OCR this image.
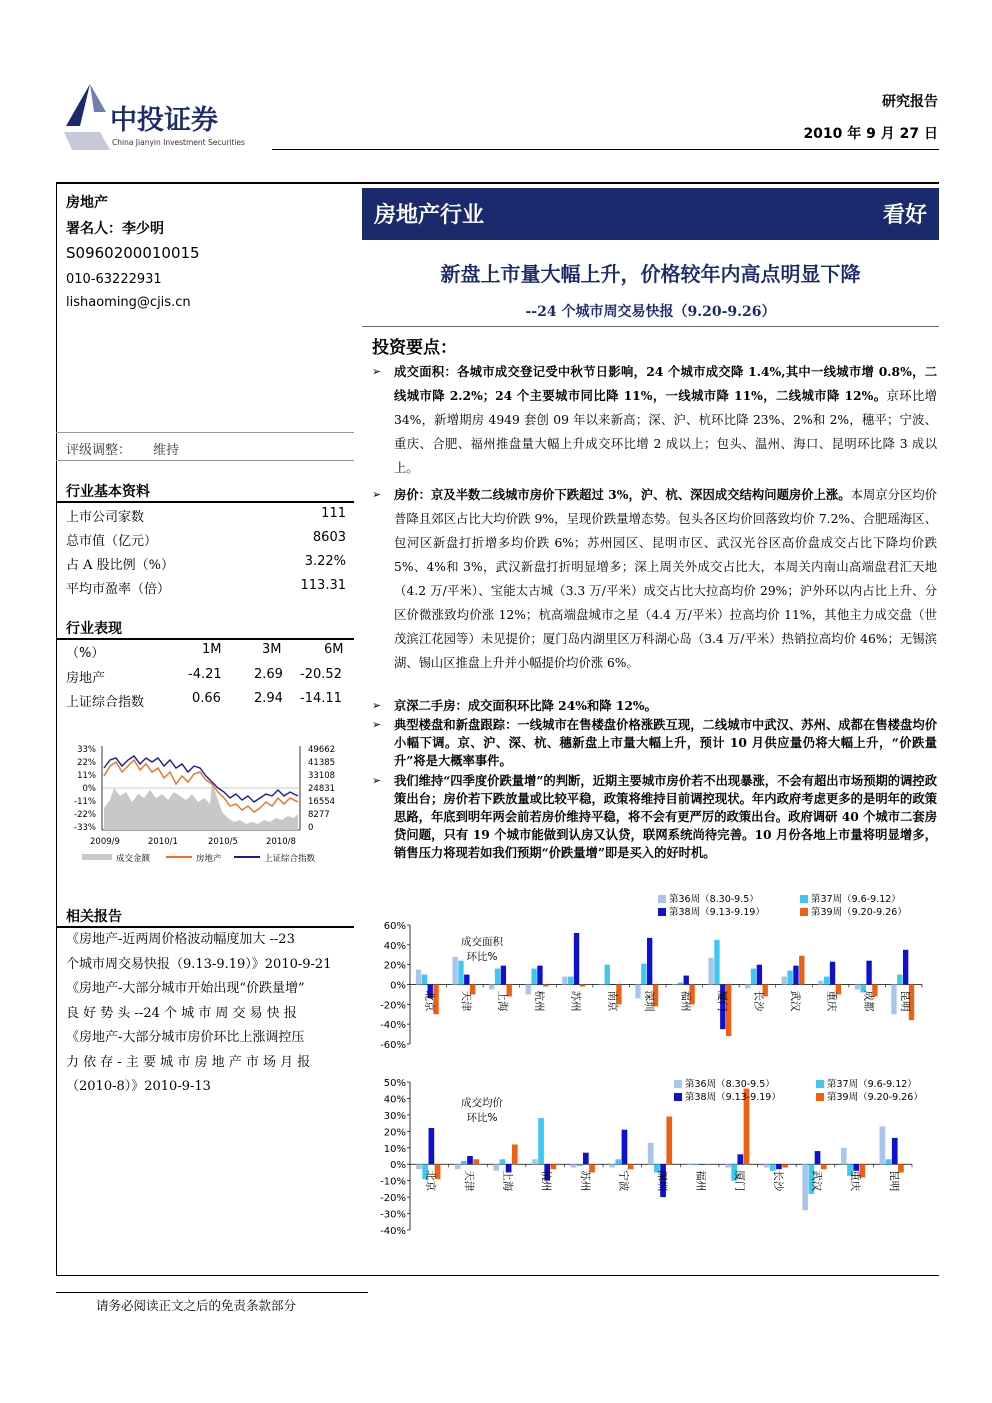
中投证券
China Jianyin Investment Securities
研究报告
2010 年 9 月 27 日
房地产
署名人：李少明
S0960200010015
010-63222931
lishaoming@cjis.cn
评级调整： 维持
行业基本资料
上市公司家数	111
总市值（亿元）	8603
占 A 股比例（%）	3.22%
平均市盈率（倍）	113.31
行业表现
（%）	1M	3M	6M
房地产	-4.21 2.69 -20.52
上证综合指数	0.66	2.94 -14.11
33%
22%
11%
0%
-11%
-22%
-33%
49662
41385
33108
24831
16554
8277
0
2009/9	2010/1	2010/5	2010/8
成交金额	房地产	上证综合指数
相关报告
《房地产-近两周价格波动幅度加大 --23
个城市周交易快报（9.13-9.19）》2010-9-21
《房地产-大部分城市开始出现“价跌量增”
良 好 势 头 --24 个 城 市 周 交 易 快 报
《房地产-大部分城市房价环比上涨调控压
力 依 存 - 主 要 城 市 房 地 产 市 场 月 报
（2010-8）》2010-9-13
房地产行业	看好
新盘上市量大幅上升，价格较年内高点明显下降
--24 个城市周交易快报（9.20-9.26）
投资要点：
➢ 成交面积：各城市成交登记受中秋节日影响，24 个城市成交降 1.4%,其中一线城市增 0.8%，二线城市降 2.2%；24 个主要城市同比降 11%，一线城市降 11%，二线城市降 12%。京环比增 34%，新增期房 4949 套创 09 年以来新高；深、沪、杭环比降 23%、2%和 2%，穗平；宁波、重庆、合肥、福州推盘量大幅上升成交环比增 2 成以上；包头、温州、海口、昆明环比降 3 成以上。
➢ 房价：京及半数二线城市房价下跌超过 3%，沪、杭、深因成交结构问题房价上涨。本周京分区均价普降且郊区占比大均价跌 9%，呈现价跌量增态势。包头各区均价回落致均价 7.2%、合肥瑶海区、包河区新盘打折增多均价跌 6%；苏州园区、昆明市区、武汉光谷区高价盘成交占比下降均价跌 5%、4%和 3%，武汉新盘打折明显增多；深上周关外成交占比大，本周关内南山高端盘君汇天地（4.2 万/平米）、宝能太古城（3.3 万/平米）成交占比大拉高均价 29%；沪外环以内占比上升、分区价微涨致均价涨 12%；杭高端盘城市之星（4.4 万/平米）拉高均价 11%，其他主力成交盘（世茂滨江花园等）未见提价；厦门岛内湖里区万科湖心岛（3.4 万/平米）热销拉高均价 46%；无锡滨湖、锡山区推盘上升并小幅提价均价涨 6%。
➢ 京深二手房：成交面积环比降 24%和降 12%。
➢ 典型楼盘和新盘跟踪：一线城市在售楼盘价格涨跌互现，二线城市中武汉、苏州、成都在售楼盘均价小幅下调。京、沪、深、杭、穗新盘上市量大幅上升，预计 10 月供应量仍将大幅上升，“价跌量升”将是大概率事件。
➢ 我们维持“四季度价跌量增”的判断，近期主要城市房价若不出现暴涨，不会有超出市场预期的调控政策出台；房价若下跌放量或比较平稳，政策将维持目前调控现状。年内政府考虑更多的是明年的政策思路，年底到明年两会前若房价维持平稳，将不会有更严厉的政策出台。政府调研 40 个城市二套房贷问题，只有 19 个城市能做到认房又认贷，联网系统尚待完善。10 月份各地上市量将明显增多，销售压力将现若如我们预期“价跌量增”即是买入的好时机。
60%
40%
20%
0%
-20%
-40%
-60%
北京 天津 上海 杭州 苏州 南京 深圳 福州 厦门 长沙 武汉 重庆 成都 昆明
第36周（8.30-9.5）	第37周（9.6-9.12）
第38周（9.13-9.19）	第39周（9.20-9.26）
成交面积环比%
50%
40%
30%
20%
10%
0%
-10%
-20%
-30%
-40%
北京	天津	上海	杭州	苏州	宁波	深圳	福州	厦门	长沙	武汉	重庆	昆明
第36周（8.30-9.5）	第37周（9.6-9.12）
第38周（9.13-9.19）	第39周（9.20-9.26）
成交均价环比%
请务必阅读正文之后的免责条款部分
